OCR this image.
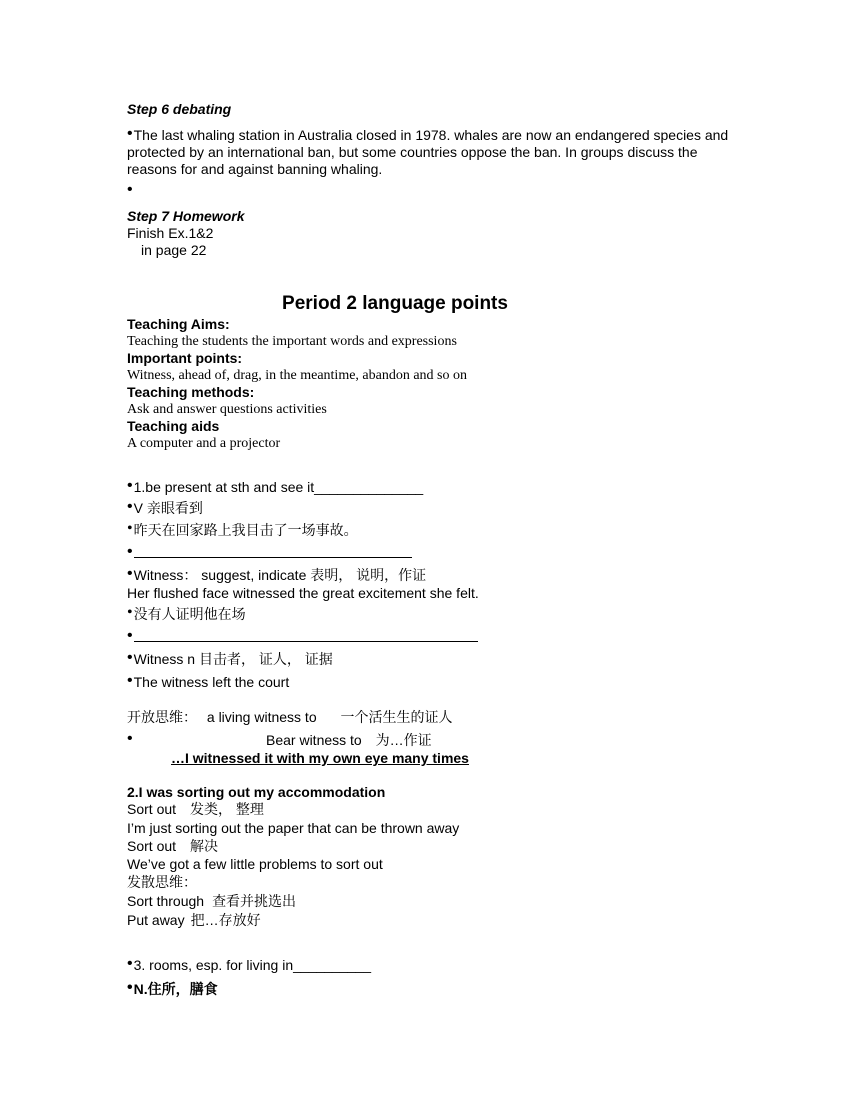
Step 6 debating
•The last whaling station in Australia closed in 1978. whales are now an endangered species and protected by an international ban, but some countries oppose the ban. In groups discuss the reasons for and against banning whaling.
•
Step 7 Homework
Finish Ex.1&2
in page 22
Period 2 language points
Teaching Aims:
Teaching the students the important words and expressions
Important points:
Witness, ahead of, drag, in the meantime, abandon and so on
Teaching methods:
Ask and answer questions activities
Teaching aids
A computer and a projector
•1.be present at sth and see it______________
•V 亲眼看到
•昨天在回家路上我目击了一场事故。
•
•Witness： suggest, indicate 表明， 说明，作证
Her flushed face witnessed the great excitement she felt.
•没有人证明他在场
•
•Witness n 目击者， 证人， 证据
•The witness left the court
开放思维： a living witness to 一个活生生的证人
•	Bear witness to 为…作证
…I witnessed it with my own eye many times
2.I was sorting out my accommodation
Sort out 发类， 整理
I’m just sorting out the paper that can be thrown away
Sort out 解决
We’ve got a few little problems to sort out
发散思维：
Sort through 查看并挑选出
Put away 把…存放好
•3. rooms, esp. for living in__________
•N.住所，膳食
